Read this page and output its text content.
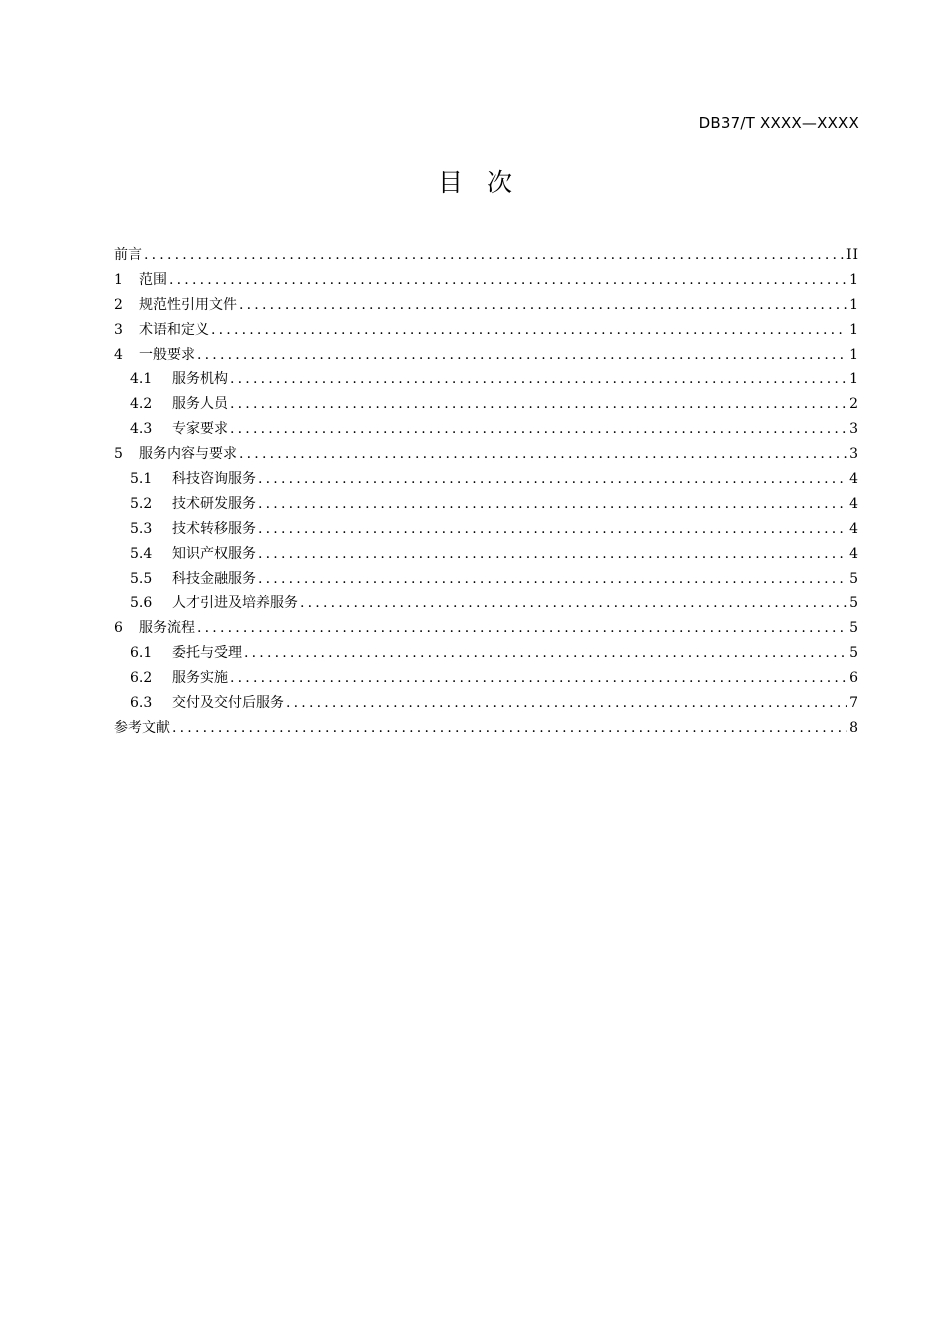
DB37/T XXXX—XXXX
目次
前言 .....	II
1	范围 .....	1
2	规范性引用文件 .....	1
3	术语和定义 .....	1
4	一般要求 .....	1
4.1	服务机构 .....	1
4.2	服务人员 .....	2
4.3	专家要求 .....	3
5	服务内容与要求 .....	3
5.1	科技咨询服务 .....	4
5.2	技术研发服务 .....	4
5.3	技术转移服务 .....	4
5.4	知识产权服务 .....	4
5.5	科技金融服务 .....	5
5.6	人才引进及培养服务 .....	5
6	服务流程 .....	5
6.1	委托与受理 .....	5
6.2	服务实施 .....	6
6.3	交付及交付后服务 .....	7
参考文献 .....	8
